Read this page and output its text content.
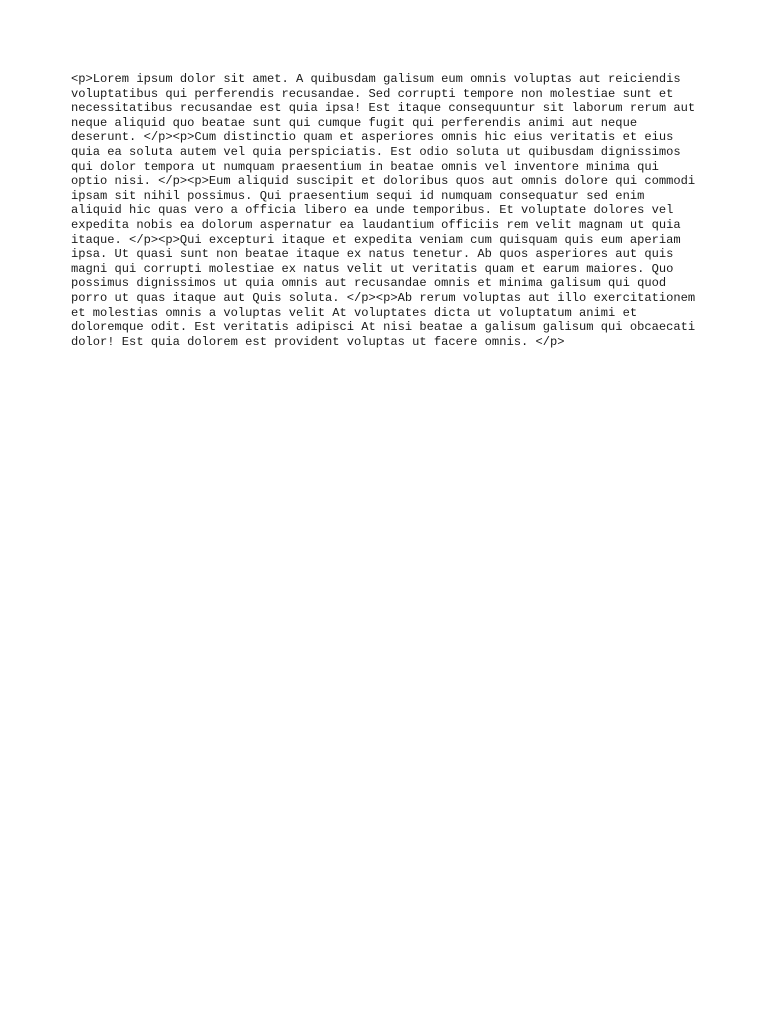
<p>Lorem ipsum dolor sit amet. A quibusdam galisum eum omnis voluptas aut reiciendis voluptatibus qui perferendis recusandae. Sed corrupti tempore non molestiae sunt et necessitatibus recusandae est quia ipsa! Est itaque consequuntur sit laborum rerum aut neque aliquid quo beatae sunt qui cumque fugit qui perferendis animi aut neque deserunt. </p><p>Cum distinctio quam et asperiores omnis hic eius veritatis et eius quia ea soluta autem vel quia perspiciatis. Est odio soluta ut quibusdam dignissimos qui dolor tempora ut numquam praesentium in beatae omnis vel inventore minima qui optio nisi. </p><p>Eum aliquid suscipit et doloribus quos aut omnis dolore qui commodi ipsam sit nihil possimus. Qui praesentium sequi id numquam consequatur sed enim aliquid hic quas vero a officia libero ea unde temporibus. Et voluptate dolores vel expedita nobis ea dolorum aspernatur ea laudantium officiis rem velit magnam ut quia itaque. </p><p>Qui excepturi itaque et expedita veniam cum quisquam quis eum aperiam ipsa. Ut quasi sunt non beatae itaque ex natus tenetur. Ab quos asperiores aut quis magni qui corrupti molestiae ex natus velit ut veritatis quam et earum maiores. Quo possimus dignissimos ut quia omnis aut recusandae omnis et minima galisum qui quod porro ut quas itaque aut Quis soluta. </p><p>Ab rerum voluptas aut illo exercitationem et molestias omnis a voluptas velit At voluptates dicta ut voluptatum animi et doloremque odit. Est veritatis adipisci At nisi beatae a galisum galisum qui obcaecati dolor! Est quia dolorem est provident voluptas ut facere omnis. </p>
